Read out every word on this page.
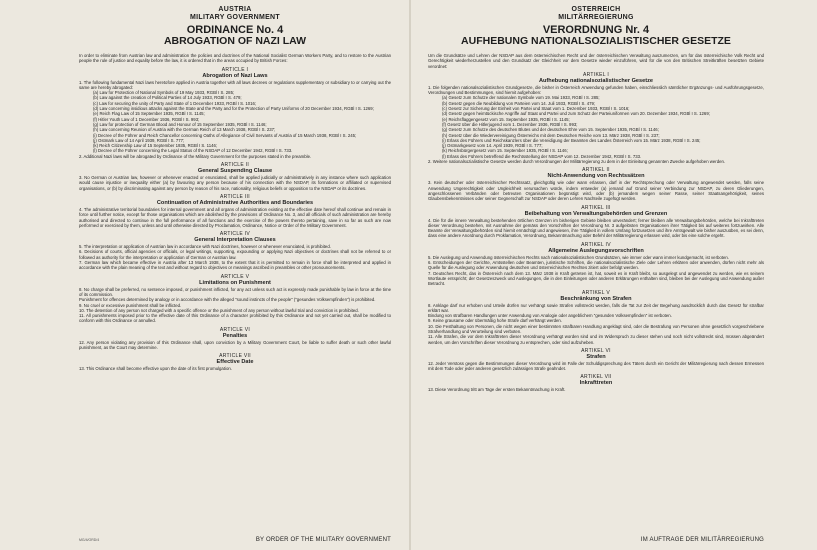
AUSTRIA
MILITARY GOVERNMENT
ORDINANCE No. 4
ABROGATION OF NAZI LAW
In order to eliminate from Austrian law and administration the policies and doctrines of the National Socialist German Workers Party, and to restore to the Austrian people the rule of justice and equality before the law, it is ordered that in the areas occupied by British Forces:
ARTICLE I
Abrogation of Nazi Laws
1. The following fundamental Nazi laws heretofore applied in Austria together with all laws decrees or regulations supplementary or subsidiary to or carrying out the same are hereby abrogated:
(a) Law for Protection of National Symbols of 19 May 1933, RGBl I S. 285;
(b) Law against the creation of Political Parties of 14 July 1933, RGBl I S. 479;
(c) Law for securing the unity of Party and State of 1 December 1933, RGBl I S. 1016;
(d) Law concerning insidious attacks against the State and the Party and for the Protection of Party Uniforms of 20 December 1934, RGBl I S. 1269;
(e) Reich Flag Law of 15 September 1935, RGBl I S. 1145;
(f) Hitler Youth Law of 1 December 1936, RGBl I S. 993;
(g) Law for protection of German Blood and Honour of 15 September 1935, RGBl I S. 1146;
(h) Law concerning Reunion of Austria with the German Reich of 13 March 1938, RGBl I S. 237;
(i) Decree of the Führer and Reich Chancellor concerning Oaths of Allegiance of Civil Servants of Austria of 15 March 1938, RGBl I S. 245;
(j) Ostmark Law of 14 April 1939, RGBl I S. 777;
(k) Reich Citizenship Law of 15 September 1935, RGBl I S. 1146;
(l) Decree of the Führer concerning the Legal Status of the NSDAP of 12 December 1942, RGBl I S. 733.
2. Additional Nazi laws will be abrogated by Ordinance of the Military Government for the purposes stated in the preamble.
ARTICLE II
General Suspending Clause
3. No German or Austrian law, however or whenever enacted or enunciated, shall be applied judicially or administratively in any instance where such application would cause injustice or inequality either (a) by favouring any person because of his connection with the NSDAP, its formations or affiliated or supervised organisations, or (b) by discriminating against any person by reason of his race, nationality, religious beliefs or opposition to the NSDAP or its doctrines.
ARTICLE III
Continuation of Administrative Authorities and Boundaries
4. The administrative territorial boundaries for internal government and all organs of administration existing at the effective date hereof shall continue and remain in force until further notice, except for those organisations which are abolished by the provisions of Ordinance No. 3, and all officials of such administration are hereby authorised and directed to continue in the full performance of all functions and the exercise of the powers thereto pertaining, save in so far as such are now performed or exercised by them, unless and until otherwise directed by Proclamation, Ordinance, Notice or Order of the Military Government.
ARTICLE IV
General Interpretation Clauses
5. The interpretation or application of Austrian law in accordance with Nazi doctrines, however or whenever enunciated, is prohibited.
6. Decisions of courts, official agencies or officials, or legal writings, supporting, expounding or applying Nazi objectives or doctrines shall not be referred to or followed as authority for the interpretation or application of German or Austrian law.
7. German law which became effective in Austria after 13 March 1938, to the extent that it is permitted to remain in force shall be interpreted and applied in accordance with the plain meaning of the text and without regard to objectives or meanings ascribed in preambles or other pronouncements.
ARTICLE V
Limitations on Punishment
8. No charge shall be preferred, no sentence imposed, or punishment inflicted, for any act unless such act is expressly made punishable by law in force at the time of its commission.
Punishment for offences determined by analogy or in accordance with the alleged "sound instincts of the people" ("gesundes Volksempfinden") is prohibited.
9. No cruel or excessive punishment shall be inflicted.
10. The detention of any person not charged with a specific offence or the punishment of any person without lawful trial and conviction is prohibited.
11. All punishments imposed prior to the effective date of this Ordinance of a character prohibited by this Ordinance and not yet carried out, shall be modified to conform with this Ordinance or annulled.
ARTICLE VI
Penalties
12. Any person violating any provision of this Ordinance shall, upon conviction by a Military Government Court, be liable to suffer death or such other lawful punishment, as the Court may determine.
ARTICLE VII
Effective Date
13. This Ordinance shall become effective upon the date of its first promulgation.
MG/4/ORD/4	BY ORDER OF THE MILITARY GOVERNMENT
ÖSTERREICH
MILITÄRREGIERUNG
VERORDNUNG Nr. 4
AUFHEBUNG NATIONALSOZIALISTISCHER GESETZE
Um die Grundsätze und Lehren der NSDAP aus dem österreichischen Recht und der österreichischen Verwaltung auszumerzen, um für das österreichische Volk Recht und Gerechtigkeit wiederherzustellen und den Grundsatz der Gleichheit vor dem Gesetze wieder einzuführen, wird für die von den Britischen Streitkräften besetzten Gebiete verordnet:
ARTIKEL I
Aufhebung nationalsozialistischer Gesetze
1. Die folgenden nationalsozialistischen Grundgesetze, die bisher in Österreich Anwendung gefunden haben, einschliesslich sämtlicher Ergänzungs- und Ausführungsgesetze, Verordnungen und Bestimmungen, sind hiemit aufgehoben:
(a) Gesetz zum Schutze der nationalen Symbole vom 19. Mai 1933, RGBl I S. 285;
(b) Gesetz gegen die Neubildung von Parteien vom 14. Juli 1933, RGBl I S. 479;
(c) Gesetz zur Sicherung der Einheit von Partei und Staat vom 1. Dezember 1933, RGBl I S. 1016;
(d) Gesetz gegen heimtückische Angriffe auf Staat und Partei und zum Schutz der Parteiuniformen vom 20. Dezember 1934, RGBl I S. 1269;
(e) Reichsflaggengesetz vom 15. September 1935, RGBl I S. 1145;
(f) Gesetz über die Hitlerjugend vom 1. Dezember 1936, RGBl I S. 993;
(g) Gesetz zum Schutze des deutschen Blutes und der deutschen Ehre vom 15. September 1935, RGBl I S. 1146;
(h) Gesetz über die Wiedervereinigung Österreichs mit dem Deutschen Reiche vom 13. März 1938, RGBl I S. 237;
(i) Erlass des Führers und Reichskanzlers über die Vereidigung der Beamten des Landes Österreich vom 15. März 1938, RGBl I S. 245;
(j) Ostmarkgesetz vom 14. April 1939, RGBl I S. 777;
(k) Reichsbürgergesetz vom 15. September 1935, RGBl I S. 1146;
(l) Erlass des Führers betreffend die Rechtsstellung der NSDAP vom 12. Dezember 1942, RGBl I S. 733.
2. Weitere nationalsozialistische Gesetze werden durch Verordnungen der Militärregierung zu dem in der Einleitung genannten Zwecke aufgehoben werden.
ARTIKEL II
Nicht-Anwendung von Rechtssätzen
3. Kein deutscher oder österreichischer Rechtssatz, gleichgültig wie oder wann erlassen, darf in der Rechtsprechung oder Verwaltung angewendet werden, falls seine Anwendung Ungerechtigkeit oder Ungleichheit verursachen würde, indem entweder (a) jemand auf Grund seiner Verbindung zur NSDAP, zu deren Gliederungen, angeschlossenen Verbänden oder betreuten Organisationen begünstigt wird, oder (b) jemandem wegen seiner Rasse, seiner Staatsangehörigkeit, seines Glaubensbekenntnisses oder seiner Gegnerschaft zur NSDAP oder deren Lehren Nachteile zugefügt werden.
ARTIKEL III
Beibehaltung von Verwaltungsbehörden und Grenzen
4. Die für die innere Verwaltung bestehenden örtlichen Grenzen im bisherigen Gebiete bleiben unverändert; ferner bleiben alle Verwaltungsbehörden, welche bei Inkrafttreten dieser Verordnung bestehen, mit Ausnahme der gemäss den Vorschriften der Verordnung Nr. 3 aufgelösten Organisationen ihrer Tätigkeit bis auf weiteres fortzuwirken. Alle Beamte der Verwaltungsbehörden sind hiemit ermächtigt und angewiesen, ihre Tätigkeit in vollem Umfang fortzusetzen und ihre Amtsgewalt wie bisher auszuüben, es sei denn, dass eine andere Anordnung durch Proklamation, Verordnung, Bekanntmachung oder Befehl der Militärregierung erlassen wird, oder bis eine solche ergeht.
ARTIKEL IV
Allgemeine Auslegungsvorschriften
5. Die Auslegung und Anwendung österreichischen Rechts nach nationalsozialistischen Grundsätzen, wie immer oder wann immer kundgemacht, ist verboten.
6. Entscheidungen der Gerichte, Amtsstellen oder Beamten, juristische Schriften, die nationalsozialistische Ziele oder Lehren erklären oder anwenden, dürfen nicht mehr als Quelle für die Auslegung oder Anwendung deutschen und österreichischen Rechtes zitiert oder befolgt werden.
7. Deutsches Recht, das in Österreich nach dem 13. März 1938 in Kraft getreten ist, hat, soweit es in Kraft bleibt, so ausgelegt und angewendet zu werden, wie es seinem Wortlaute entspricht; der Gesetzeszweck und Auslegungen, die in den Einleitungen oder anderen Erklärungen enthalten sind, bleiben bei der Auslegung und Anwendung außer Betracht.
ARTIKEL V
Beschränkung von Strafen
8. Anklage darf nur erhoben und Urteile dürfen nur verhängt sowie Strafen vollstreckt werden, falls die Tat zur Zeit der Begehung ausdrücklich durch das Gesetz für strafbar erklärt war.
Bindung von strafbaren Handlungen unter Anwendung von Analogie oder angeblichem "gesunden Volksempfinden" ist verboten.
9. Keine grausame oder übermäßig hohe Strafe darf verhängt werden.
10. Die Festhaltung von Personen, die nicht wegen einer bestimmten strafbaren Handlung angeklagt sind, oder die Bestrafung von Personen ohne gesetzlich vorgeschriebene Strafverhandlung und Verurteilung sind verboten.
11. Alle Strafen, die vor dem Inkrafttreten dieser Verordnung verhängt worden sind und im Widerspruch zu dieser stehen und noch nicht vollstreckt sind, müssen abgeändert werden, um den Vorschriften dieser Verordnung zu entsprechen, oder sind aufzuheben.
ARTIKEL VI
Strafen
12. Jeder Verstoss gegen die Bestimmungen dieser Verordnung wird im Falle der Schuldigsprechung des Täters durch ein Gericht der Militärregierung nach dessen Ermessen mit dem Tode oder jeder anderen gesetzlich zulässigen Strafe geahndet.
ARTIKEL VII
Inkrafttreten
13. Diese Verordnung tritt am Tage der ersten Bekanntmachung in Kraft.
IM AUFTRAGE DER MILITÄRREGIERUNG
